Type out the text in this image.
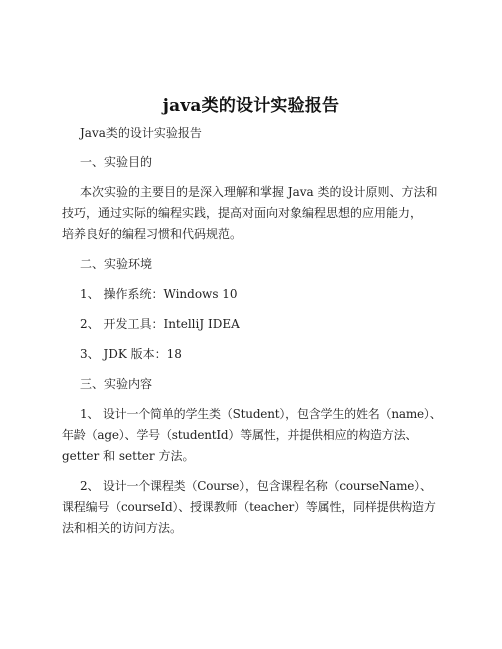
java类的设计实验报告
Java类的设计实验报告
一、实验目的
本次实验的主要目的是深入理解和掌握 Java 类的设计原则、方法和
技巧，通过实际的编程实践，提高对面向对象编程思想的应用能力，
培养良好的编程习惯和代码规范。
二、实验环境
1、 操作系统：Windows 10
2、 开发工具：IntelliJ IDEA
3、 JDK 版本：18
三、实验内容
1、 设计一个简单的学生类（Student），包含学生的姓名（name）、
年龄（age）、学号（studentId）等属性，并提供相应的构造方法、
getter 和 setter 方法。
2、 设计一个课程类（Course），包含课程名称（courseName）、
课程编号（courseId）、授课教师（teacher）等属性，同样提供构造方
法和相关的访问方法。
